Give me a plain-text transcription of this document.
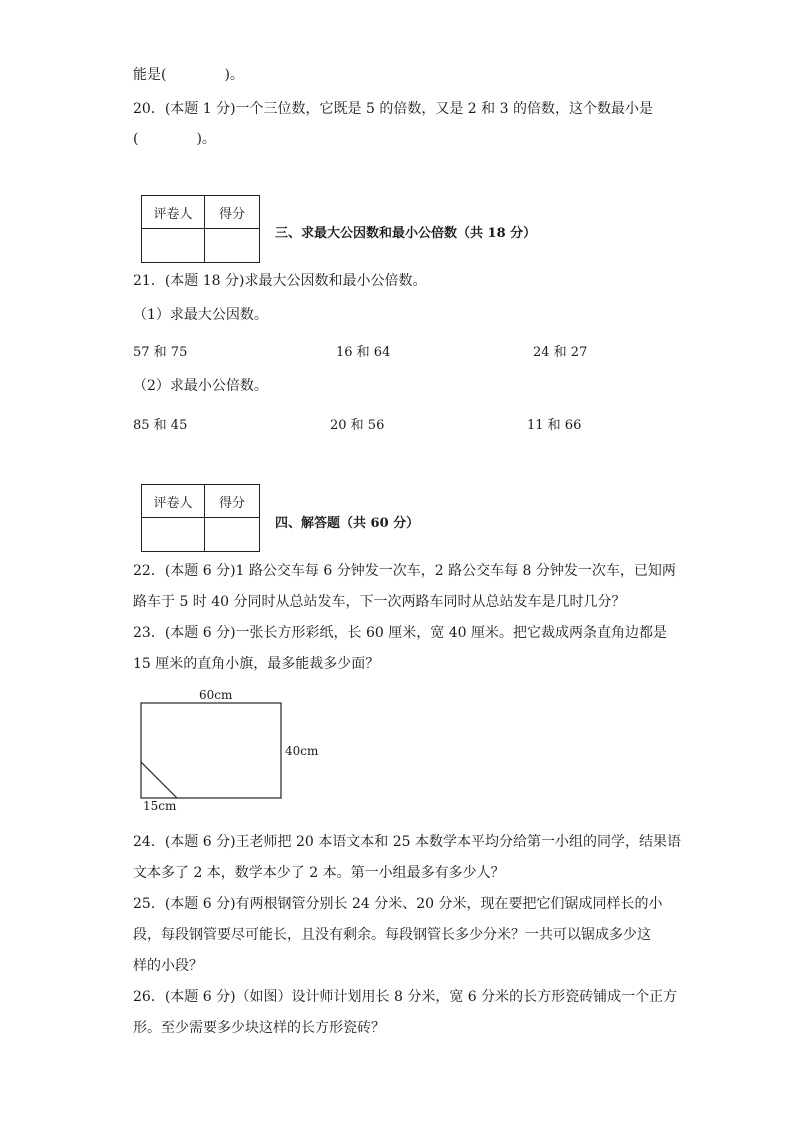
能是(	)。
20．(本题 1 分)一个三位数，它既是 5 的倍数，又是 2 和 3 的倍数，这个数最小是
(	)。
评卷人	得分

三、求最大公因数和最小公倍数（共 18 分）
21．(本题 18 分)求最大公因数和最小公倍数。
（1）求最大公因数。
57 和 75	16 和 64	24 和 27
（2）求最小公倍数。
85 和 45	20 和 56	11 和 66
评卷人	得分

四、解答题（共 60 分）
22．(本题 6 分)1 路公交车每 6 分钟发一次车，2 路公交车每 8 分钟发一次车，已知两
路车于 5 时 40 分同时从总站发车，下一次两路车同时从总站发车是几时几分？
23．(本题 6 分)一张长方形彩纸，长 60 厘米，宽 40 厘米。把它裁成两条直角边都是
15 厘米的直角小旗，最多能裁多少面？
60cm
40cm
15cm
24．(本题 6 分)王老师把 20 本语文本和 25 本数学本平均分给第一小组的同学，结果语
文本多了 2 本，数学本少了 2 本。第一小组最多有多少人？
25．(本题 6 分)有两根钢管分别长 24 分米、20 分米，现在要把它们锯成同样长的小
段，每段钢管要尽可能长，且没有剩余。每段钢管长多少分米？一共可以锯成多少这
样的小段？
26．(本题 6 分)（如图）设计师计划用长 8 分米，宽 6 分米的长方形瓷砖铺成一个正方
形。至少需要多少块这样的长方形瓷砖？
